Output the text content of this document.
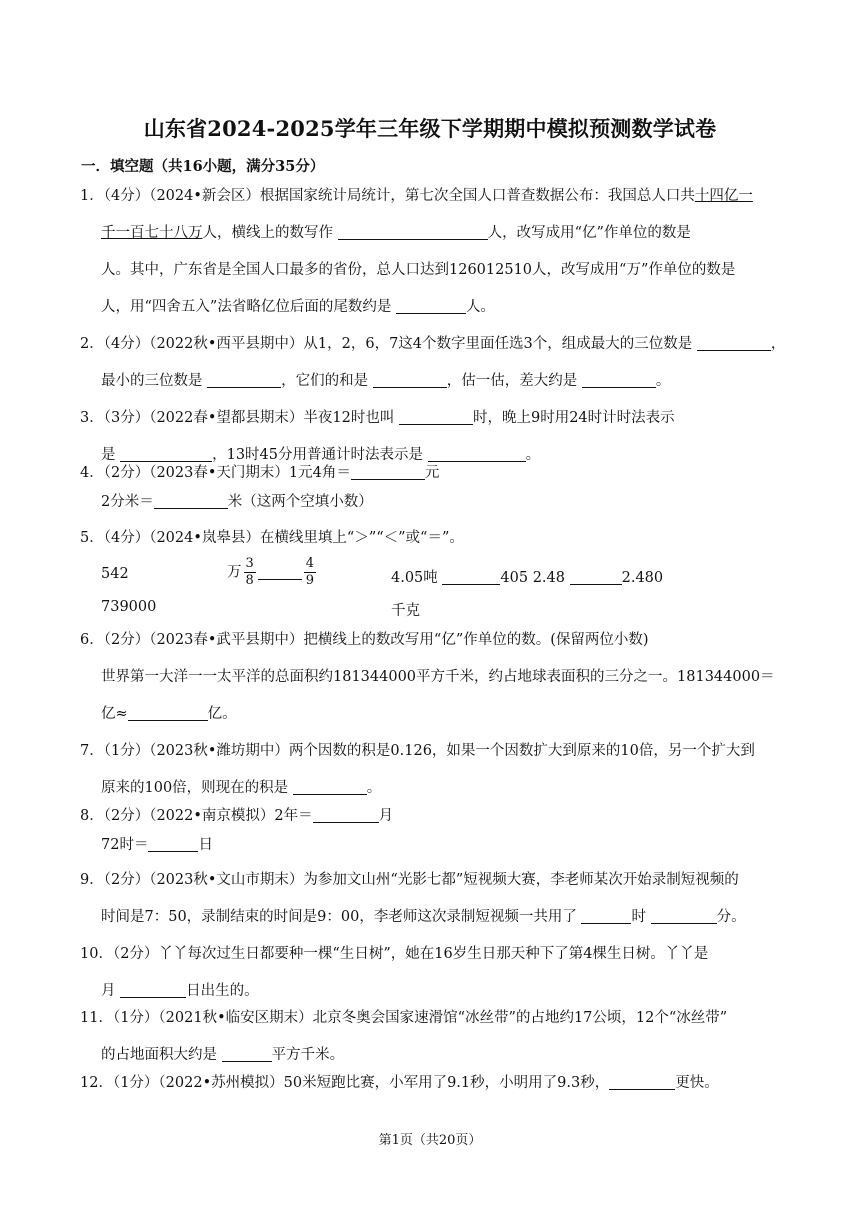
山东省2024-2025学年三年级下学期期中模拟预测数学试卷
一．填空题（共16小题，满分35分）
1．（4分）（2024•新会区）根据国家统计局统计，第七次全国人口普查数据公布：我国总人口共十四亿一
千一百七十八万人，横线上的数写作	人，改写成用“亿”作单位的数是
人。其中，广东省是全国人口最多的省份，总人口达到126012510人，改写成用“万”作单位的数是
人，用“四舍五入”法省略亿位后面的尾数约是	人。
2．（4分）（2022秋•西平县期中）从1，2，6，7这4个数字里面任选3个，组成最大的三位数是	，
最小的三位数是	，它们的和是	，估一估，差大约是	。
3．（3分）（2022春•望都县期末）半夜12时也叫	时，晚上9时用24时计时法表示
是	，13时45分用普通计时法表示是	。
4．（2分）（2023春•天门期末）1元4角＝	元
2分米＝	米（这两个空填小数）
5．（4分）（2024•岚皋县）在横线里填上“＞”“＜”或“＝”。
542
739000
万 $\frac{3}{8}$	$\frac{4}{9}$	4.05吨	405 2.48	2.480
千克
6．（2分）（2023春•武平县期中）把横线上的数改写用“亿”作单位的数。(保留两位小数)
世界第一大洋一一太平洋的总面积约181344000平方千米，约占地球表面积的三分之一。181344000＝
亿≈	亿。
7．（1分）（2023秋•潍坊期中）两个因数的积是0.126，如果一个因数扩大到原来的10倍，另一个扩大到
原来的100倍，则现在的积是	。
8．（2分）（2022•南京模拟）2年＝	月
72时＝	日
9．（2分）（2023秋•文山市期末）为参加文山州“光影七都”短视频大赛，李老师某次开始录制短视频的
时间是7：50，录制结束的时间是9：00，李老师这次录制短视频一共用了	时	分。
10．（2分）丫丫每次过生日都要种一棵“生日树”，她在16岁生日那天种下了第4棵生日树。丫丫是
月	日出生的。
11．（1分）（2021秋•临安区期末）北京冬奥会国家速滑馆“冰丝带”的占地约17公顷，12个“冰丝带”
的占地面积大约是	平方千米。
12．（1分）（2022•苏州模拟）50米短跑比赛，小军用了9.1秒，小明用了9.3秒，	更快。
第1页（共20页）
